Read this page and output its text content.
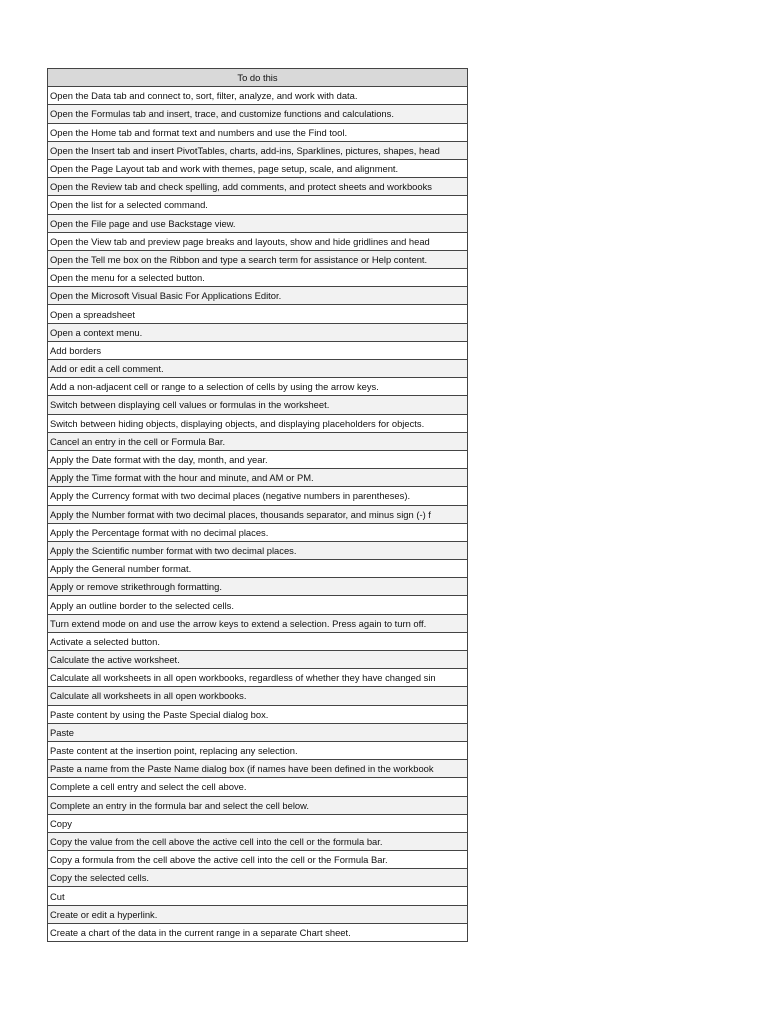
To do this
Open the Data tab and connect to, sort, filter, analyze, and work with data.
Open the Formulas tab and insert, trace, and customize functions and calculations.
Open the Home tab and format text and numbers and use the Find tool.
Open the Insert tab and insert PivotTables, charts, add-ins, Sparklines, pictures, shapes, head
Open the Page Layout tab and work with themes, page setup, scale, and alignment.
Open the Review tab and check spelling, add comments, and protect sheets and workbooks
Open the list for a selected command.
Open the File page and use Backstage view.
Open the View tab and preview page breaks and layouts, show and hide gridlines and head
Open the Tell me box on the Ribbon and type a search term for assistance or Help content.
Open the menu for a selected button.
Open the Microsoft Visual Basic For Applications Editor.
Open a spreadsheet
Open a context menu.
Add borders
Add or edit a cell comment.
Add a non-adjacent cell or range to a selection of cells by using the arrow keys.
Switch between displaying cell values or formulas in the worksheet.
Switch between hiding objects, displaying objects, and displaying placeholders for objects.
Cancel an entry in the cell or Formula Bar.
Apply the Date format with the day, month, and year.
Apply the Time format with the hour and minute, and AM or PM.
Apply the Currency format with two decimal places (negative numbers in parentheses).
Apply the Number format with two decimal places, thousands separator, and minus sign (-) f
Apply the Percentage format with no decimal places.
Apply the Scientific number format with two decimal places.
Apply the General number format.
Apply or remove strikethrough formatting.
Apply an outline border to the selected cells.
Turn extend mode on and use the arrow keys to extend a selection. Press again to turn off.
Activate a selected button.
Calculate the active worksheet.
Calculate all worksheets in all open workbooks, regardless of whether they have changed sin
Calculate all worksheets in all open workbooks.
Paste content by using the Paste Special dialog box.
Paste
Paste content at the insertion point, replacing any selection.
Paste a name from the Paste Name dialog box (if names have been defined in the workbook
Complete a cell entry and select the cell above.
Complete an entry in the formula bar and select the cell below.
Copy
Copy the value from the cell above the active cell into the cell or the formula bar.
Copy a formula from the cell above the active cell into the cell or the Formula Bar.
Copy the selected cells.
Cut
Create or edit a hyperlink.
Create a chart of the data in the current range in a separate Chart sheet.
